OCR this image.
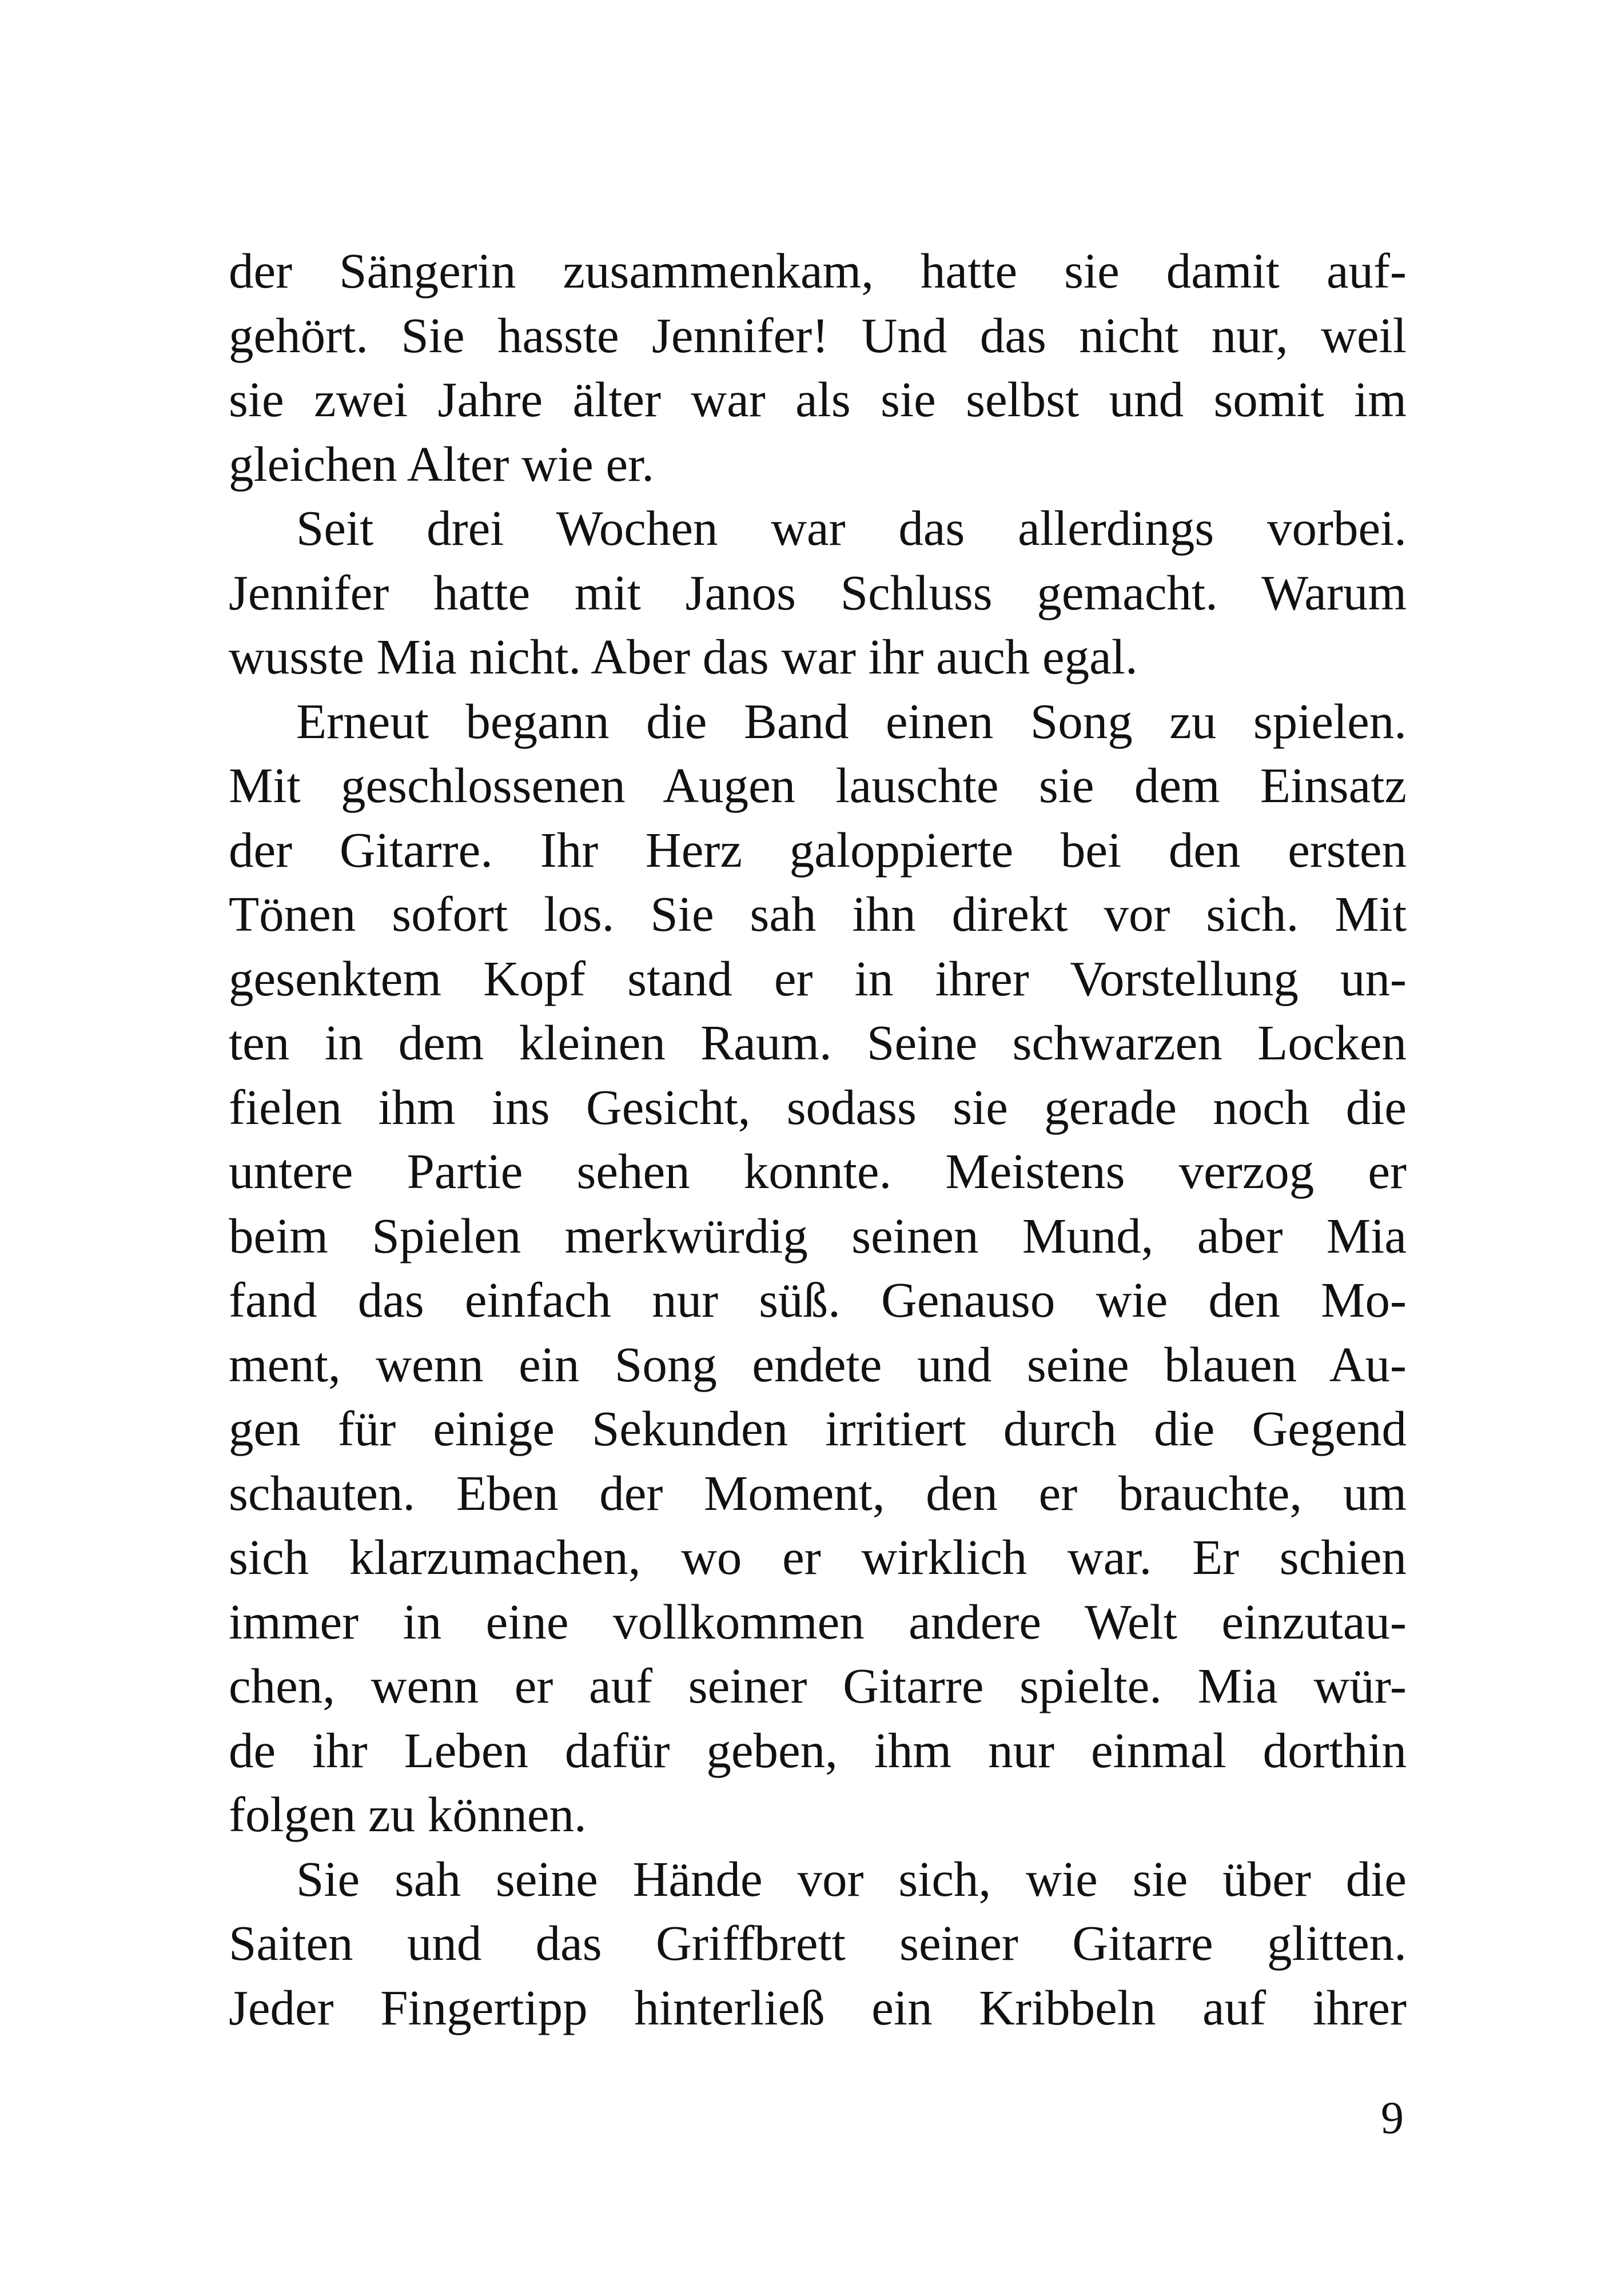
der Sängerin zusammenkam, hatte sie damit auf-
gehört. Sie hasste Jennifer! Und das nicht nur, weil
sie zwei Jahre älter war als sie selbst und somit im
gleichen Alter wie er.
Seit drei Wochen war das allerdings vorbei.
Jennifer hatte mit Janos Schluss gemacht. Warum
wusste Mia nicht. Aber das war ihr auch egal.
Erneut begann die Band einen Song zu spielen.
Mit geschlossenen Augen lauschte sie dem Einsatz
der Gitarre. Ihr Herz galoppierte bei den ersten
Tönen sofort los. Sie sah ihn direkt vor sich. Mit
gesenktem Kopf stand er in ihrer Vorstellung un-
ten in dem kleinen Raum. Seine schwarzen Locken
fielen ihm ins Gesicht, sodass sie gerade noch die
untere Partie sehen konnte. Meistens verzog er
beim Spielen merkwürdig seinen Mund, aber Mia
fand das einfach nur süß. Genauso wie den Mo-
ment, wenn ein Song endete und seine blauen Au-
gen für einige Sekunden irritiert durch die Gegend
schauten. Eben der Moment, den er brauchte, um
sich klarzumachen, wo er wirklich war. Er schien
immer in eine vollkommen andere Welt einzutau-
chen, wenn er auf seiner Gitarre spielte. Mia wür-
de ihr Leben dafür geben, ihm nur einmal dorthin
folgen zu können.
Sie sah seine Hände vor sich, wie sie über die
Saiten und das Griffbrett seiner Gitarre glitten.
Jeder Fingertipp hinterließ ein Kribbeln auf ihrer
9
